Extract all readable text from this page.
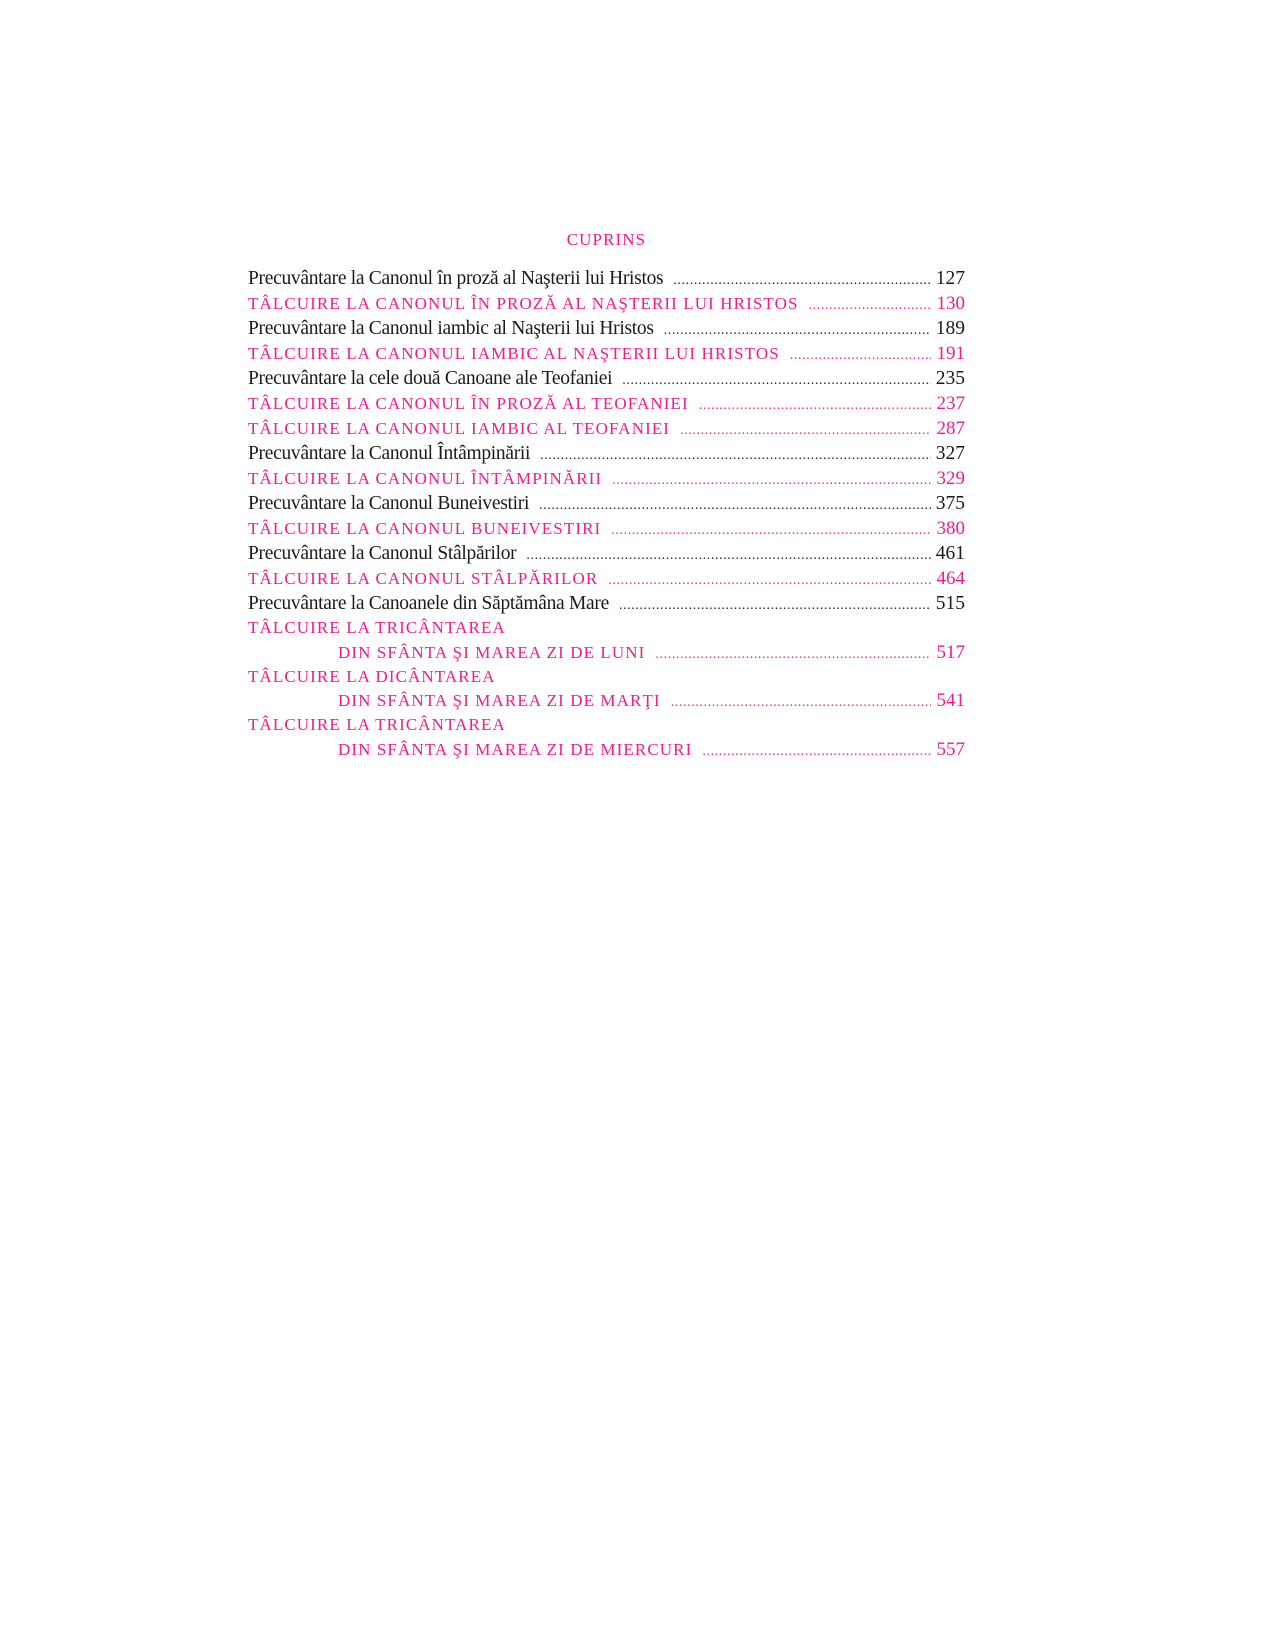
CUPRINS
Precuvântare la Canonul în proză al Naşterii lui Hristos .....	127
TÂLCUIRE LA CANONUL ÎN PROZĂ AL NAŞTERII LUI HRISTOS .....	130
Precuvântare la Canonul iambic al Naşterii lui Hristos .....	189
TÂLCUIRE LA CANONUL IAMBIC AL NAŞTERII LUI HRISTOS .....	191
Precuvântare la cele două Canoane ale Teofaniei .....	235
TÂLCUIRE LA CANONUL ÎN PROZĂ AL TEOFANIEI .....	237
TÂLCUIRE LA CANONUL IAMBIC AL TEOFANIEI .....	287
Precuvântare la Canonul Întâmpinării .....	327
TÂLCUIRE LA CANONUL ÎNTÂMPINĂRII .....	329
Precuvântare la Canonul Buneivestiri .....	375
TÂLCUIRE LA CANONUL BUNEIVESTIRI .....	380
Precuvântare la Canonul Stâlpărilor .....	461
TÂLCUIRE LA CANONUL STÂLPĂRILOR .....	464
Precuvântare la Canoanele din Săptămâna Mare .....	515
TÂLCUIRE LA TRICÂNTAREA
DIN SFÂNTA ŞI MAREA ZI DE LUNI .....	517
TÂLCUIRE LA DICÂNTAREA
DIN SFÂNTA ŞI MAREA ZI DE MARŢI .....	541
TÂLCUIRE LA TRICÂNTAREA
DIN SFÂNTA ŞI MAREA ZI DE MIERCURI .....	557
